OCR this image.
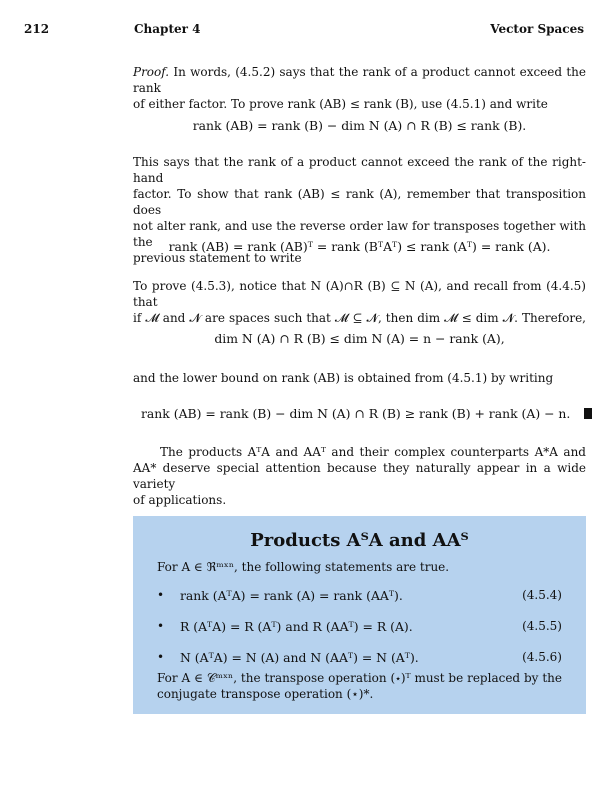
212	Chapter 4	Vector Spaces
Proof. In words, (4.5.2) says that the rank of a product cannot exceed the rank
of either factor. To prove rank (AB) ≤ rank (B), use (4.5.1) and write
rank (AB) = rank (B) − dim N (A) ∩ R (B) ≤ rank (B).
This says that the rank of a product cannot exceed the rank of the right-hand
factor. To show that rank (AB) ≤ rank (A), remember that transposition does
not alter rank, and use the reverse order law for transposes together with the
previous statement to write
rank (AB) = rank (AB)ᵀ = rank (BᵀAᵀ) ≤ rank (Aᵀ) = rank (A).
To prove (4.5.3), notice that N (A)∩R (B) ⊆ N (A), and recall from (4.4.5) that
if 𝓜 and 𝓝 are spaces such that 𝓜 ⊆ 𝓝, then dim 𝓜 ≤ dim 𝓝. Therefore,
dim N (A) ∩ R (B) ≤ dim N (A) = n − rank (A),
and the lower bound on rank (AB) is obtained from (4.5.1) by writing
rank (AB) = rank (B) − dim N (A) ∩ R (B) ≥ rank (B) + rank (A) − n.
The products AᵀA and AAᵀ and their complex counterparts A*A and
AA* deserve special attention because they naturally appear in a wide variety
of applications.
Products AᵀA and AAᵀ
For A ∈ ℜᵐˣⁿ, the following statements are true.
• rank (AᵀA) = rank (A) = rank (AAᵀ).	(4.5.4)
• R (AᵀA) = R (Aᵀ) and R (AAᵀ) = R (A).	(4.5.5)
• N (AᵀA) = N (A) and N (AAᵀ) = N (Aᵀ).	(4.5.6)
For A ∈ 𝒞ᵐˣⁿ, the transpose operation (⋆)ᵀ must be replaced by the
conjugate transpose operation (⋆)*.
